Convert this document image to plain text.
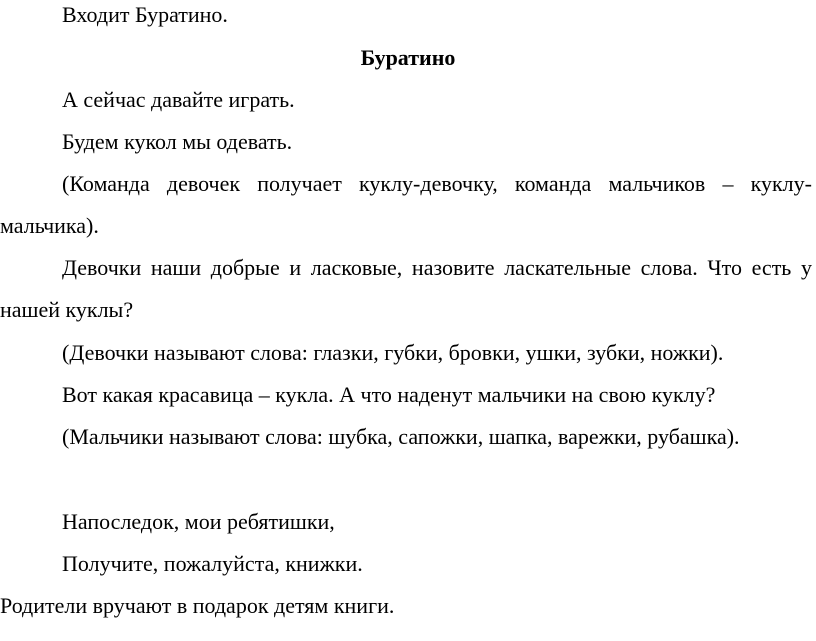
Входит Буратино.
Буратино
А сейчас давайте играть.
Будем кукол мы одевать.
(Команда девочек получает куклу-девочку, команда мальчиков – куклу-мальчика).
Девочки наши добрые и ласковые, назовите ласкательные слова. Что есть у нашей куклы?
(Девочки называют слова: глазки, губки, бровки, ушки, зубки, ножки).
Вот какая красавица – кукла. А что наденут мальчики на свою куклу?
(Мальчики называют слова: шубка, сапожки, шапка, варежки, рубашка).
Напоследок, мои ребятишки,
Получите, пожалуйста, книжки.
Родители вручают в подарок детям книги.
